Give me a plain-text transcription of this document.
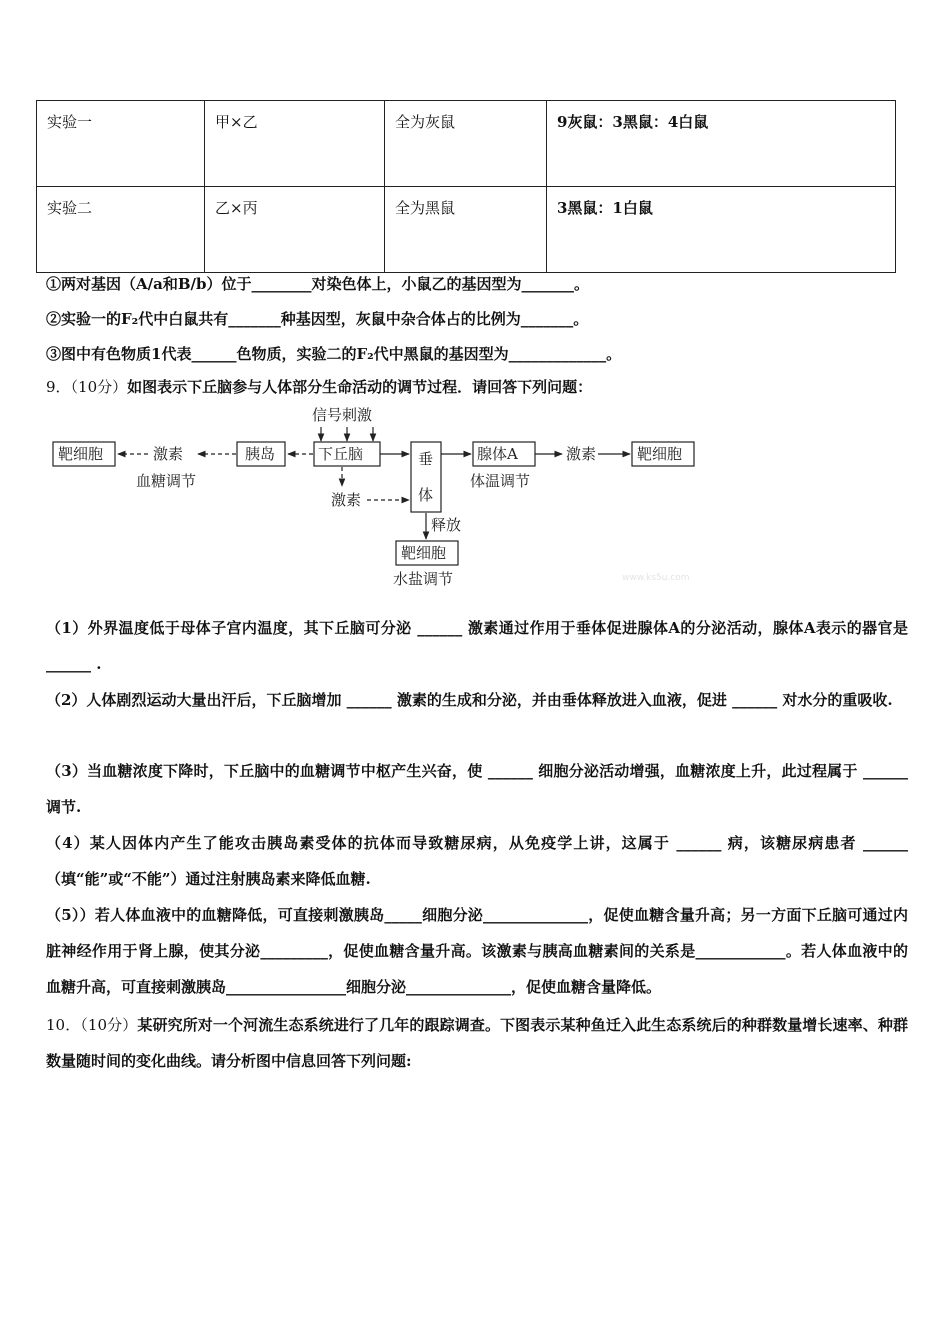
实验一	甲×乙	全为灰鼠	9灰鼠：3黑鼠：4白鼠
实验二	乙×丙	全为黑鼠	3黑鼠：1白鼠
①两对基因（A/a和B/b）位于________对染色体上，小鼠乙的基因型为_______。
②实验一的F₂代中白鼠共有_______种基因型，灰鼠中杂合体占的比例为_______。
③图中有色物质1代表______色物质，实验二的F₂代中黑鼠的基因型为_____________。
9．（10分）如图表示下丘脑参与人体部分生命活动的调节过程．请回答下列问题：
靶细胞	激素
血糖调节
胰岛	下丘脑
信号刺激
激素
垂
体
腺体A
体温调节
激素	靶细胞
释放
靶细胞
水盐调节	www.ks5u.com
（1）外界温度低于母体子宫内温度，其下丘脑可分泌 ______ 激素通过作用于垂体促进腺体A的分泌活动，腺体A表示的器官是 ______ .
（2）人体剧烈运动大量出汗后，下丘脑增加 ______ 激素的生成和分泌，并由垂体释放进入血液，促进 ______ 对水分的重吸收.
（3）当血糖浓度下降时，下丘脑中的血糖调节中枢产生兴奋，使 ______ 细胞分泌活动增强，血糖浓度上升，此过程属于 ______ 调节.
（4）某人因体内产生了能攻击胰岛素受体的抗体而导致糖尿病，从免疫学上讲，这属于 ______ 病，该糖尿病患者 ______ （填“能”或“不能”）通过注射胰岛素来降低血糖.
（5））若人体血液中的血糖降低，可直接刺激胰岛_____细胞分泌______________，促使血糖含量升高；另一方面下丘脑可通过内脏神经作用于肾上腺，使其分泌_________，促使血糖含量升高。该激素与胰高血糖素间的关系是____________。若人体血液中的血糖升高，可直接刺激胰岛________________细胞分泌______________，促使血糖含量降低。
10．（10分）某研究所对一个河流生态系统进行了几年的跟踪调查。下图表示某种鱼迁入此生态系统后的种群数量增长速率、种群数量随时间的变化曲线。请分析图中信息回答下列问题:
